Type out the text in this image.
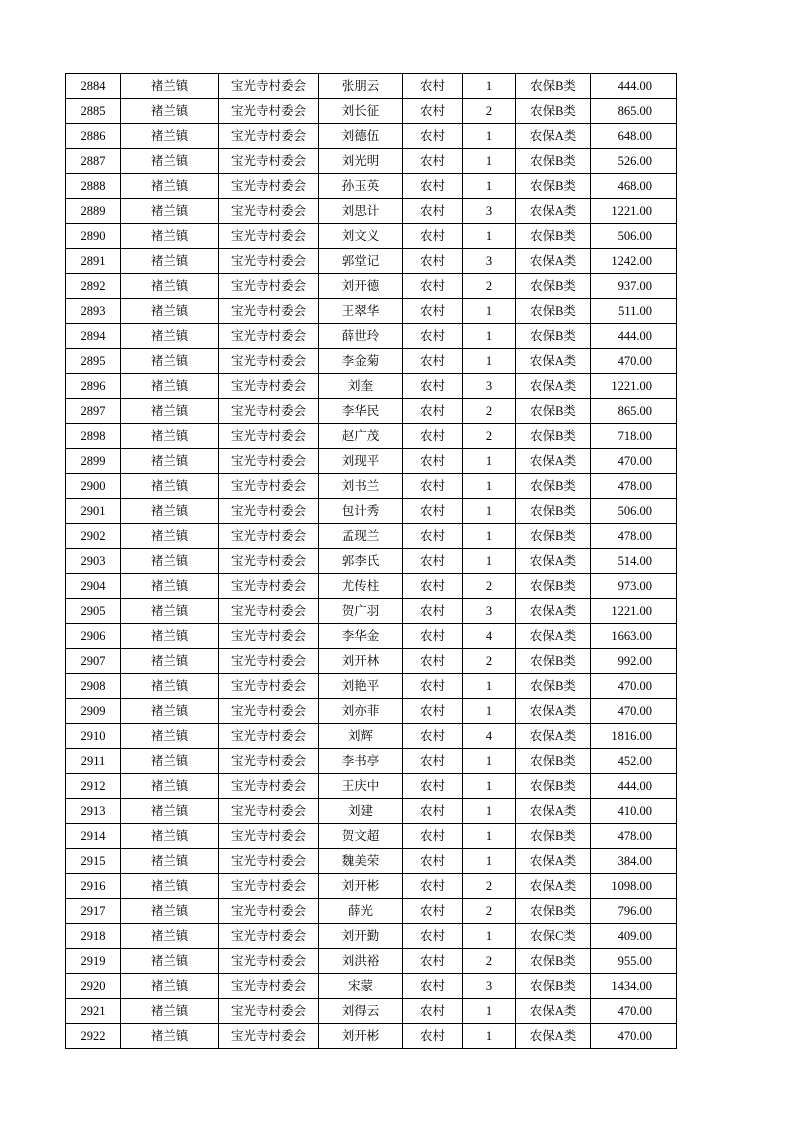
2884	褚兰镇	宝光寺村委会	张朋云	农村	1	农保B类	444.00
2885	褚兰镇	宝光寺村委会	刘长征	农村	2	农保B类	865.00
2886	褚兰镇	宝光寺村委会	刘德伍	农村	1	农保A类	648.00
2887	褚兰镇	宝光寺村委会	刘光明	农村	1	农保B类	526.00
2888	褚兰镇	宝光寺村委会	孙玉英	农村	1	农保B类	468.00
2889	褚兰镇	宝光寺村委会	刘思计	农村	3	农保A类	1221.00
2890	褚兰镇	宝光寺村委会	刘文义	农村	1	农保B类	506.00
2891	褚兰镇	宝光寺村委会	郭堂记	农村	3	农保A类	1242.00
2892	褚兰镇	宝光寺村委会	刘开德	农村	2	农保B类	937.00
2893	褚兰镇	宝光寺村委会	王翠华	农村	1	农保B类	511.00
2894	褚兰镇	宝光寺村委会	薛世玲	农村	1	农保B类	444.00
2895	褚兰镇	宝光寺村委会	李金菊	农村	1	农保A类	470.00
2896	褚兰镇	宝光寺村委会	刘奎	农村	3	农保A类	1221.00
2897	褚兰镇	宝光寺村委会	李华民	农村	2	农保B类	865.00
2898	褚兰镇	宝光寺村委会	赵广茂	农村	2	农保B类	718.00
2899	褚兰镇	宝光寺村委会	刘现平	农村	1	农保A类	470.00
2900	褚兰镇	宝光寺村委会	刘书兰	农村	1	农保B类	478.00
2901	褚兰镇	宝光寺村委会	包计秀	农村	1	农保B类	506.00
2902	褚兰镇	宝光寺村委会	孟现兰	农村	1	农保B类	478.00
2903	褚兰镇	宝光寺村委会	郭李氏	农村	1	农保A类	514.00
2904	褚兰镇	宝光寺村委会	尤传柱	农村	2	农保B类	973.00
2905	褚兰镇	宝光寺村委会	贺广羽	农村	3	农保A类	1221.00
2906	褚兰镇	宝光寺村委会	李华金	农村	4	农保A类	1663.00
2907	褚兰镇	宝光寺村委会	刘开林	农村	2	农保B类	992.00
2908	褚兰镇	宝光寺村委会	刘艳平	农村	1	农保B类	470.00
2909	褚兰镇	宝光寺村委会	刘亦菲	农村	1	农保A类	470.00
2910	褚兰镇	宝光寺村委会	刘辉	农村	4	农保A类	1816.00
2911	褚兰镇	宝光寺村委会	李书亭	农村	1	农保B类	452.00
2912	褚兰镇	宝光寺村委会	王庆中	农村	1	农保B类	444.00
2913	褚兰镇	宝光寺村委会	刘建	农村	1	农保A类	410.00
2914	褚兰镇	宝光寺村委会	贺文超	农村	1	农保B类	478.00
2915	褚兰镇	宝光寺村委会	魏美荣	农村	1	农保A类	384.00
2916	褚兰镇	宝光寺村委会	刘开彬	农村	2	农保A类	1098.00
2917	褚兰镇	宝光寺村委会	薛光	农村	2	农保B类	796.00
2918	褚兰镇	宝光寺村委会	刘开勤	农村	1	农保C类	409.00
2919	褚兰镇	宝光寺村委会	刘洪裕	农村	2	农保B类	955.00
2920	褚兰镇	宝光寺村委会	宋蒙	农村	3	农保B类	1434.00
2921	褚兰镇	宝光寺村委会	刘得云	农村	1	农保A类	470.00
2922	褚兰镇	宝光寺村委会	刘开彬	农村	1	农保A类	470.00
